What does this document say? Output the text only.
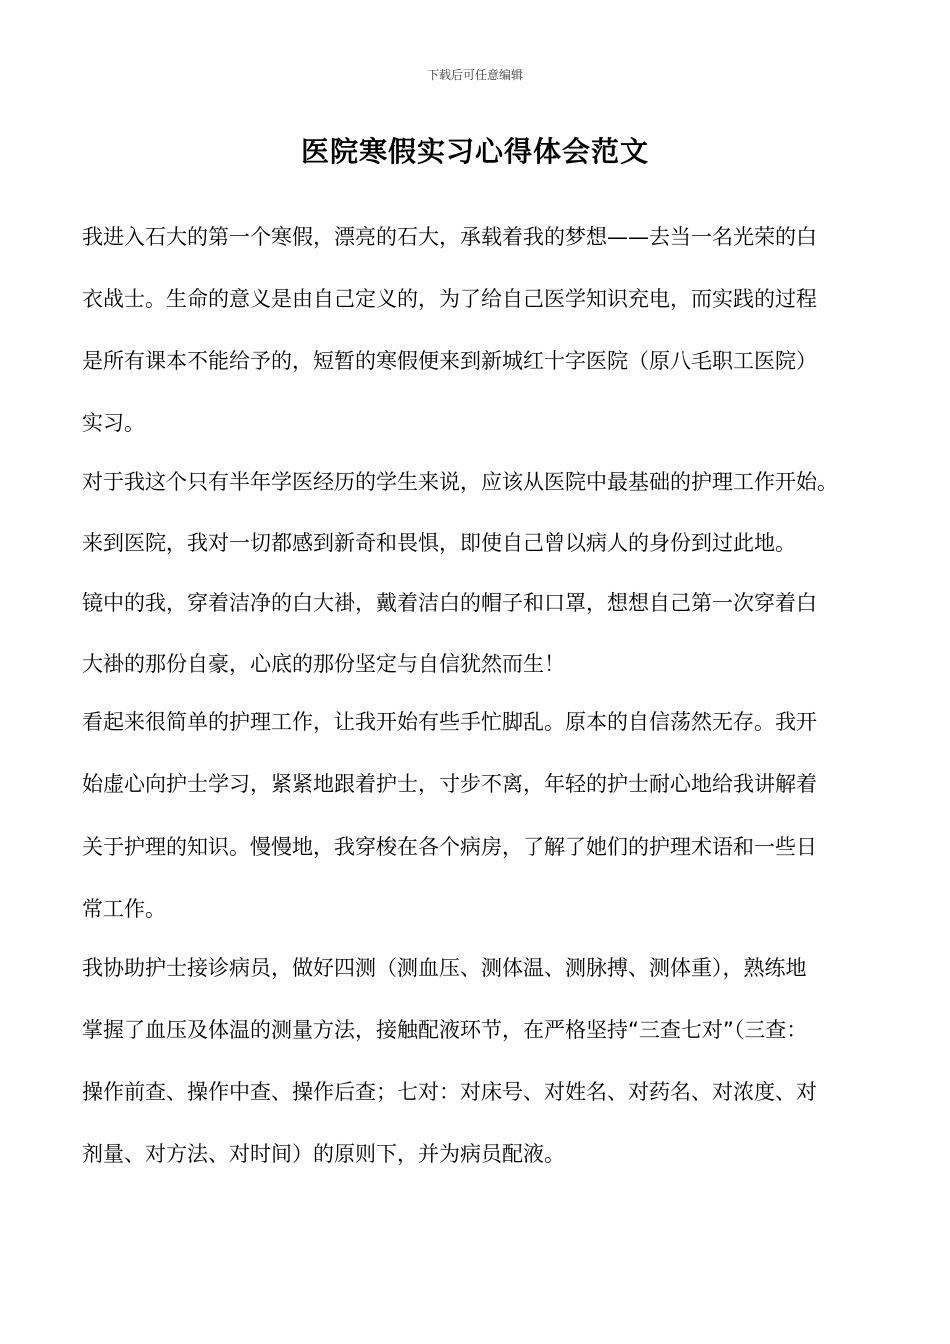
下载后可任意编辑
医院寒假实习心得体会范文
我进入石大的第一个寒假，漂亮的石大，承载着我的梦想——去当一名光荣的白
衣战士。生命的意义是由自己定义的，为了给自己医学知识充电，而实践的过程
是所有课本不能给予的，短暂的寒假便来到新城红十字医院（原八毛职工医院）
实习。
对于我这个只有半年学医经历的学生来说，应该从医院中最基础的护理工作开始。
来到医院，我对一切都感到新奇和畏惧，即使自己曾以病人的身份到过此地。
镜中的我，穿着洁净的白大褂，戴着洁白的帽子和口罩，想想自己第一次穿着白
大褂的那份自豪，心底的那份坚定与自信犹然而生！
看起来很简单的护理工作，让我开始有些手忙脚乱。原本的自信荡然无存。我开
始虚心向护士学习，紧紧地跟着护士，寸步不离，年轻的护士耐心地给我讲解着
关于护理的知识。慢慢地，我穿梭在各个病房，了解了她们的护理术语和一些日
常工作。
我协助护士接诊病员，做好四测（测血压、测体温、测脉搏、测体重），熟练地
掌握了血压及体温的测量方法，接触配液环节，在严格坚持“三查七对”（三查：
操作前查、操作中查、操作后查；七对：对床号、对姓名、对药名、对浓度、对
剂量、对方法、对时间）的原则下，并为病员配液。
